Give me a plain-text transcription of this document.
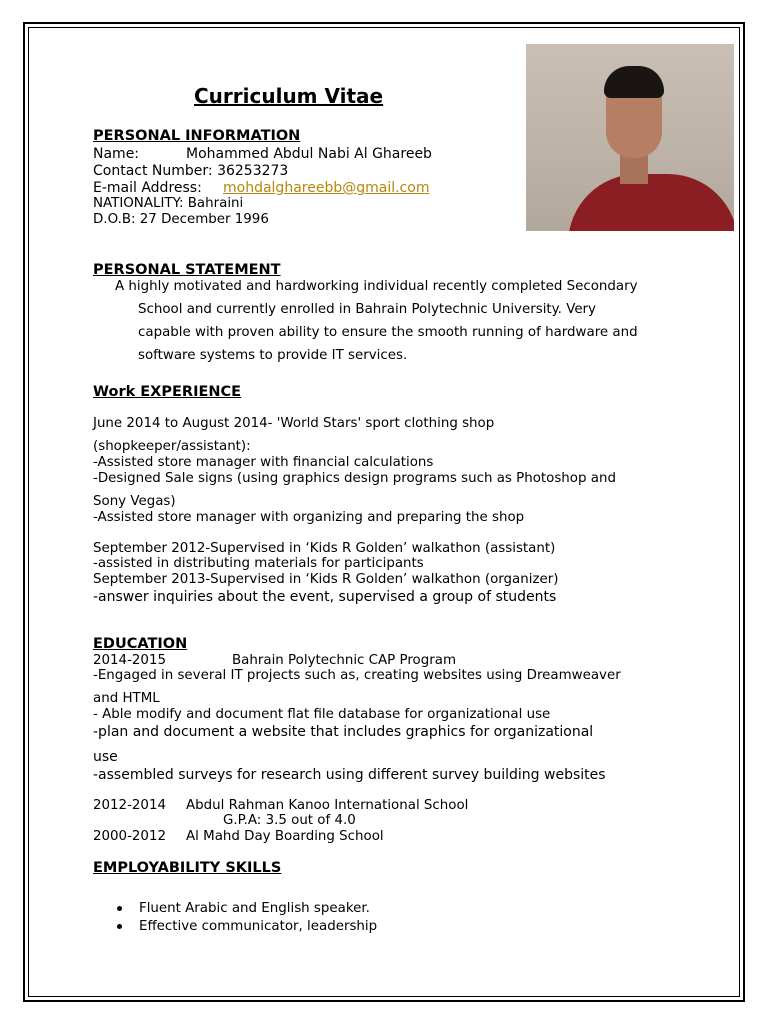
Curriculum Vitae
PERSONAL INFORMATION
Name:	Mohammed Abdul Nabi Al Ghareeb
Contact Number: 36253273
E-mail Address: mohdalghareebb@gmail.com
NATIONALITY: Bahraini
D.O.B: 27 December 1996
PERSONAL STATEMENT
A highly motivated and hardworking individual recently completed Secondary
School and currently enrolled in Bahrain Polytechnic University. Very
capable with proven ability to ensure the smooth running of hardware and
software systems to provide IT services.
Work EXPERIENCE
June 2014 to August 2014- 'World Stars' sport clothing shop
(shopkeeper/assistant):
-Assisted store manager with financial calculations
-Designed Sale signs (using graphics design programs such as Photoshop and
Sony Vegas)
-Assisted store manager with organizing and preparing the shop
September 2012-Supervised in ‘Kids R Golden’ walkathon (assistant)
-assisted in distributing materials for participants
September 2013-Supervised in ‘Kids R Golden’ walkathon (organizer)
-answer inquiries about the event, supervised a group of students
EDUCATION
2014-2015	Bahrain Polytechnic CAP Program
-Engaged in several IT projects such as, creating websites using Dreamweaver
and HTML
- Able modify and document flat file database for organizational use
-plan and document a website that includes graphics for organizational
use
-assembled surveys for research using different survey building websites
2012-2014 Abdul Rahman Kanoo International School
G.P.A: 3.5 out of 4.0
2000-2012 Al Mahd Day Boarding School
EMPLOYABILITY SKILLS
Fluent Arabic and English speaker.
Effective communicator, leadership
